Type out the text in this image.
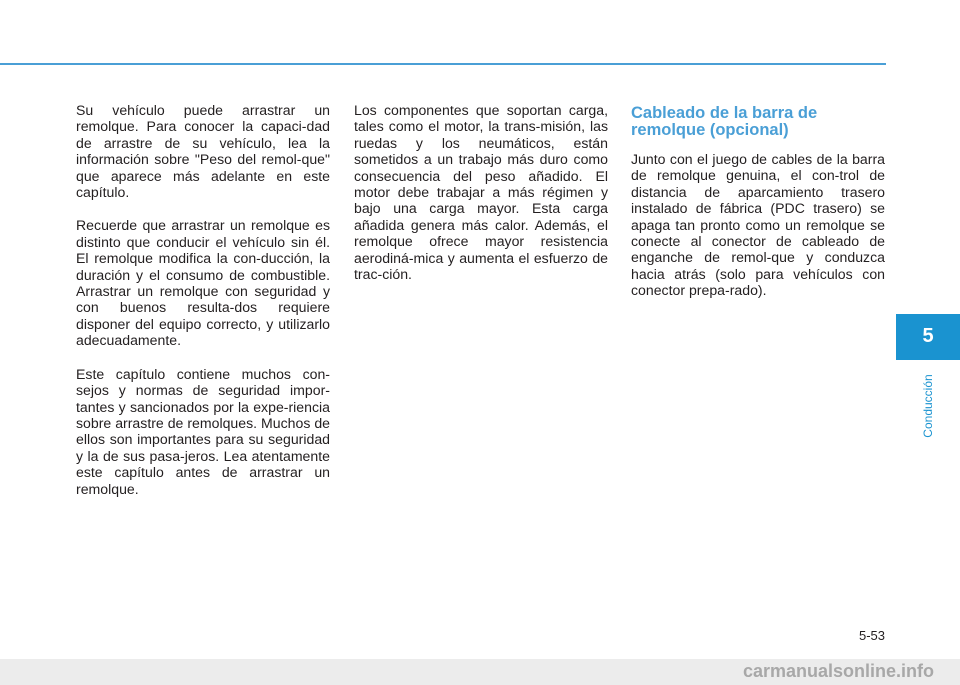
Su vehículo puede arrastrar un remolque. Para conocer la capaci-dad de arrastre de su vehículo, lea la información sobre "Peso del remol-que" que aparece más adelante en este capítulo.

Recuerde que arrastrar un remolque es distinto que conducir el vehículo sin él. El remolque modifica la con-ducción, la duración y el consumo de combustible. Arrastrar un remolque con seguridad y con buenos resulta-dos requiere disponer del equipo correcto, y utilizarlo adecuadamente.

Este capítulo contiene muchos con-sejos y normas de seguridad impor-tantes y sancionados por la expe-riencia sobre arrastre de remolques. Muchos de ellos son importantes para su seguridad y la de sus pasa-jeros. Lea atentamente este capítulo antes de arrastrar un remolque.

Los componentes que soportan carga, tales como el motor, la trans-misión, las ruedas y los neumáticos, están sometidos a un trabajo más duro como consecuencia del peso añadido. El motor debe trabajar a más régimen y bajo una carga mayor. Esta carga añadida genera más calor. Además, el remolque ofrece mayor resistencia aerodiná-mica y aumenta el esfuerzo de trac-ción.

Cableado de la barra de remolque (opcional)

Junto con el juego de cables de la barra de remolque genuina, el con-trol de distancia de aparcamiento trasero instalado de fábrica (PDC trasero) se apaga tan pronto como un remolque se conecte al conector de cableado de enganche de remol-que y conduzca hacia atrás (solo para vehículos con conector prepa-rado).

5
Conducción
5-53
carmanualsonline.info
